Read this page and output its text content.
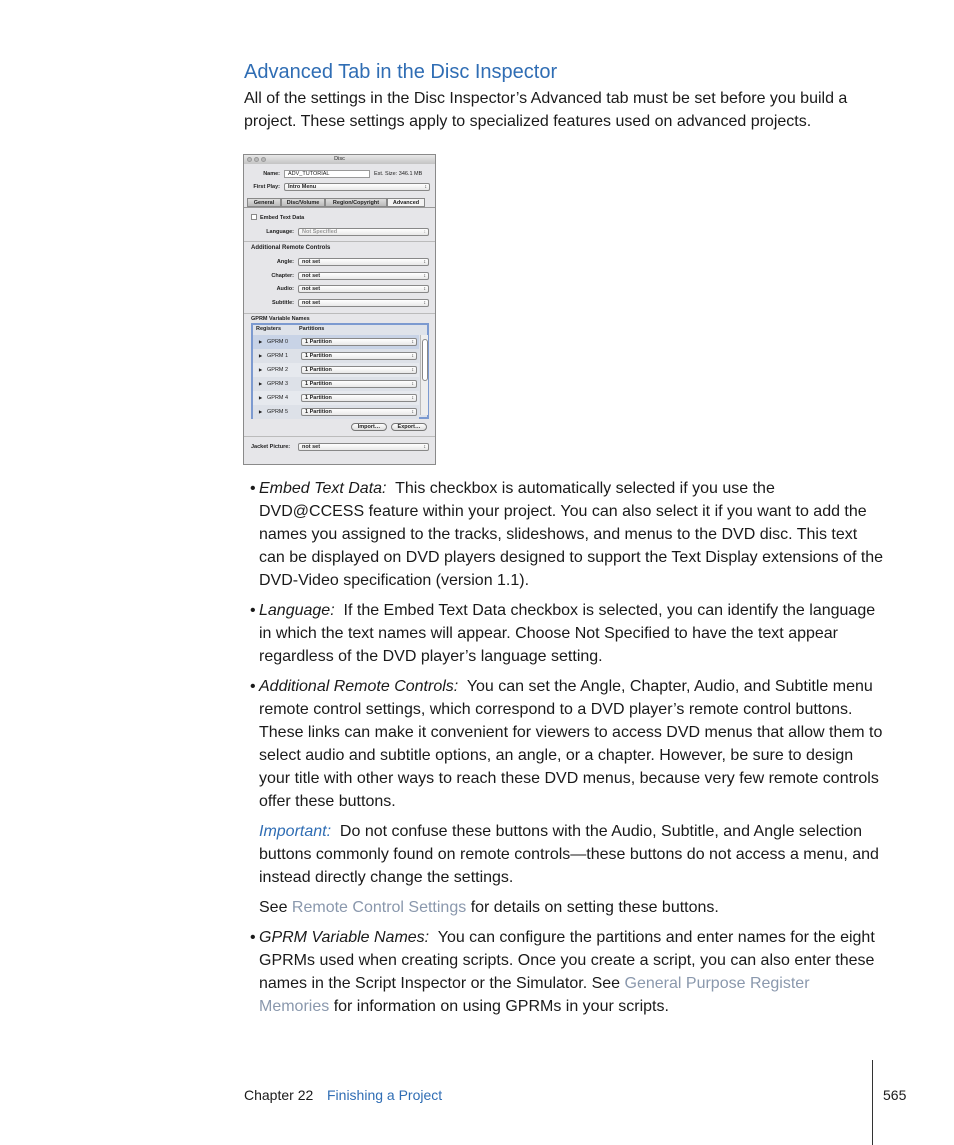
Advanced Tab in the Disc Inspector

All of the settings in the Disc Inspector’s Advanced tab must be set before you build a project. These settings apply to specialized features used on advanced projects.

Disc
Name:	ADV_TUTORIAL	Est. Size: 346.1 MB
First Play:	Intro Menu ↕
General	Disc/Volume	Region/Copyright	Advanced
Embed Text Data
Language:	Not Specified ↕
Additional Remote Controls
Angle:	not set ↕
Chapter:	not set ↕
Audio:	not set ↕
Subtitle:	not set ↕
GPRM Variable Names
Registers	Partitions
▶ GPRM 0	1 Partition ↕
▶ GPRM 1	1 Partition ↕
▶ GPRM 2	1 Partition ↕
▶ GPRM 3	1 Partition ↕
▶ GPRM 4	1 Partition ↕
▶ GPRM 5	1 Partition ↕
Import…	Export…
Jacket Picture:	not set ↕
• Embed Text Data: This checkbox is automatically selected if you use the DVD@CCESS feature within your project. You can also select it if you want to add the names you assigned to the tracks, slideshows, and menus to the DVD disc. This text can be displayed on DVD players designed to support the Text Display extensions of the DVD-Video specification (version 1.1).
• Language: If the Embed Text Data checkbox is selected, you can identify the language in which the text names will appear. Choose Not Specified to have the text appear regardless of the DVD player’s language setting.
• Additional Remote Controls: You can set the Angle, Chapter, Audio, and Subtitle menu remote control settings, which correspond to a DVD player’s remote control buttons. These links can make it convenient for viewers to access DVD menus that allow them to select audio and subtitle options, an angle, or a chapter. However, be sure to design your title with other ways to reach these DVD menus, because very few remote controls offer these buttons.
Important: Do not confuse these buttons with the Audio, Subtitle, and Angle selection buttons commonly found on remote controls—these buttons do not access a menu, and instead directly change the settings.
See Remote Control Settings for details on setting these buttons.
• GPRM Variable Names: You can configure the partitions and enter names for the eight GPRMs used when creating scripts. Once you create a script, you can also enter these names in the Script Inspector or the Simulator. See General Purpose Register Memories for information on using GPRMs in your scripts.
Chapter 22 Finishing a Project	565
